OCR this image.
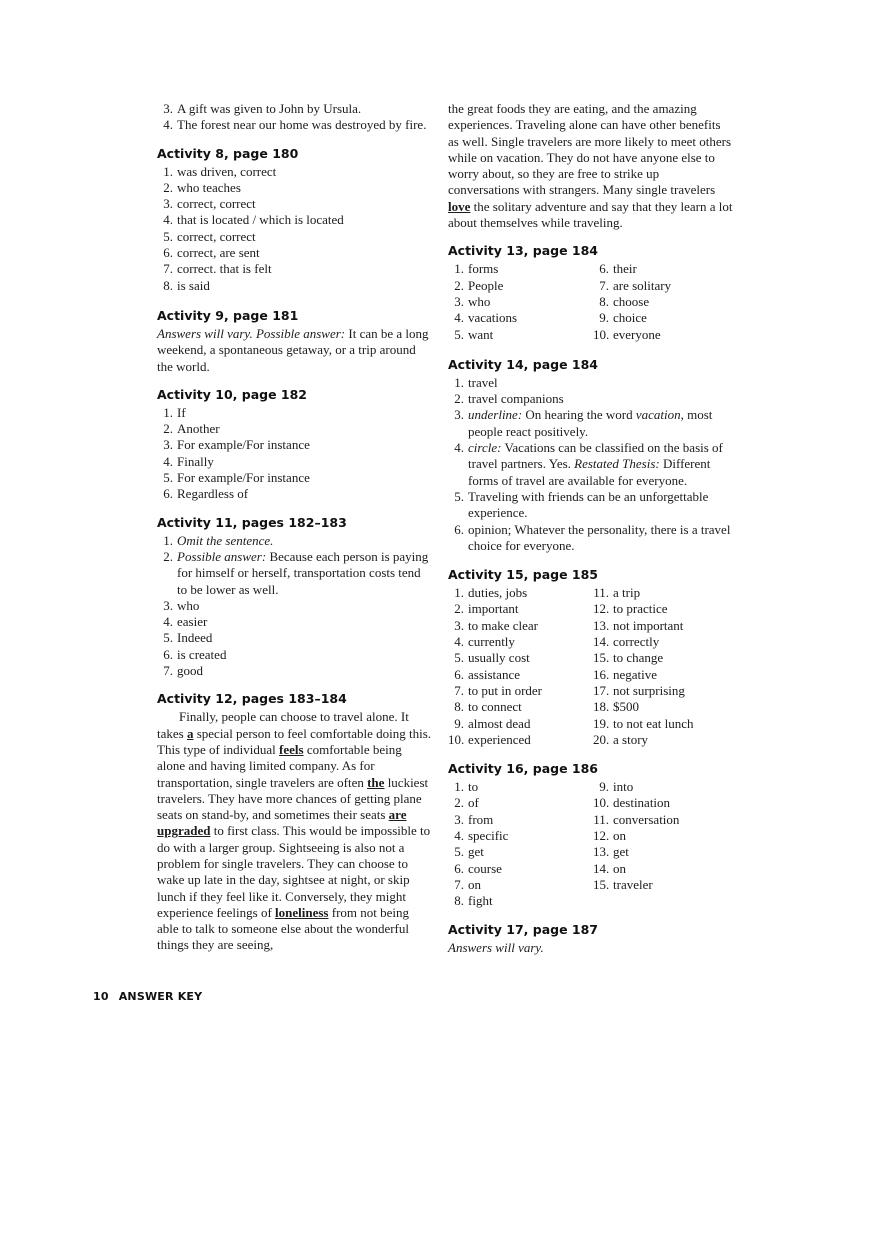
3. A gift was given to John by Ursula.
4. The forest near our home was destroyed by fire.
Activity 8, page 180
1. was driven, correct
2. who teaches
3. correct, correct
4. that is located / which is located
5. correct, correct
6. correct, are sent
7. correct. that is felt
8. is said
Activity 9, page 181

Answers will vary. Possible answer: It can be a long weekend, a spontaneous getaway, or a trip around the world.

Activity 10, page 182
1. If
2. Another
3. For example/For instance
4. Finally
5. For example/For instance
6. Regardless of
Activity 11, pages 182–183
1. Omit the sentence.
2. Possible answer: Because each person is paying for himself or herself, transportation costs tend to be lower as well.
3. who
4. easier
5. Indeed
6. is created
7. good
Activity 12, pages 183–184

Finally, people can choose to travel alone. It takes a special person to feel comfortable doing this. This type of individual feels comfortable being alone and having limited company. As for transportation, single travelers are often the luckiest travelers. They have more chances of getting plane seats on stand-by, and sometimes their seats are upgraded to first class. This would be impossible to do with a larger group. Sightseeing is also not a problem for single travelers. They can choose to wake up late in the day, sightsee at night, or skip lunch if they feel like it. Conversely, they might experience feelings of loneliness from not being able to talk to someone else about the wonderful things they are seeing,

the great foods they are eating, and the amazing experiences. Traveling alone can have other benefits as well. Single travelers are more likely to meet others while on vacation. They do not have anyone else to worry about, so they are free to strike up conversations with strangers. Many single travelers love the solitary adventure and say that they learn a lot about themselves while traveling.

Activity 13, page 184
1. forms	6. their
2. People	7. are solitary
3. who	8. choose
4. vacations	9. choice
5. want	10. everyone
Activity 14, page 184
1. travel
2. travel companions
3. underline: On hearing the word vacation, most people react positively.
4. circle: Vacations can be classified on the basis of travel partners. Yes. Restated Thesis: Different forms of travel are available for everyone.
5. Traveling with friends can be an unforgettable experience.
6. opinion; Whatever the personality, there is a travel choice for everyone.
Activity 15, page 185
1. duties, jobs	11. a trip
2. important	12. to practice
3. to make clear	13. not important
4. currently	14. correctly
5. usually cost	15. to change
6. assistance	16. negative
7. to put in order	17. not surprising
8. to connect	18. $500
9. almost dead	19. to not eat lunch
10. experienced	20. a story
Activity 16, page 186
1. to	9. into
2. of	10. destination
3. from	11. conversation
4. specific	12. on
5. get	13. get
6. course	14. on
7. on	15. traveler
8. fight
Activity 17, page 187

Answers will vary.

10 ANSWER KEY
